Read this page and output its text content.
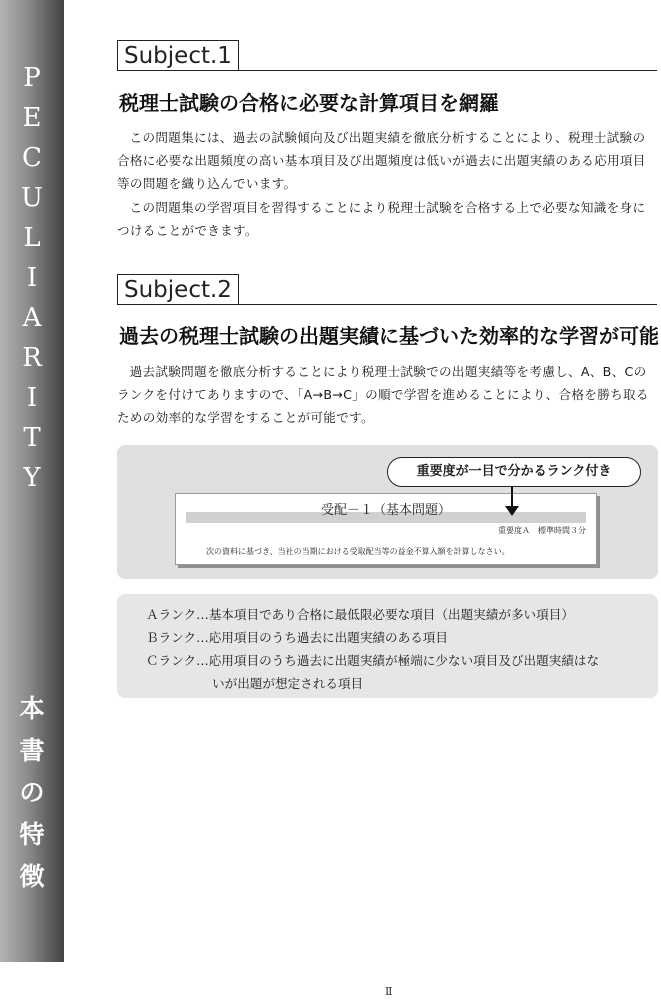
P
E
C
U
L
I
A
R
I
T
Y
本
書
の
特
徴
Subject.1
税理士試験の合格に必要な計算項目を網羅
この問題集には、過去の試験傾向及び出題実績を徹底分析することにより、税理士試験の合格に必要な出題頻度の高い基本項目及び出題頻度は低いが過去に出題実績のある応用項目等の問題を織り込んでいます。
この問題集の学習項目を習得することにより税理士試験を合格する上で必要な知識を身につけることができます。
Subject.2
過去の税理士試験の出題実績に基づいた効率的な学習が可能
過去試験問題を徹底分析することにより税理士試験での出題実績等を考慮し、A、B、Cのランクを付けてありますので、「A→B→C」の順で学習を進めることにより、合格を勝ち取るための効率的な学習をすることが可能です。
受配－１（基本問題）
重要度Ａ　標準時間３分
次の資料に基づき、当社の当期における受取配当等の益金不算入額を計算しなさい。
重要度が一目で分かるランク付き
Ａランク…基本項目であり合格に最低限必要な項目（出題実績が多い項目）
Ｂランク…応用項目のうち過去に出題実績のある項目
Ｃランク…応用項目のうち過去に出題実績が極端に少ない項目及び出題実績はな
いが出題が想定される項目
Ⅱ
